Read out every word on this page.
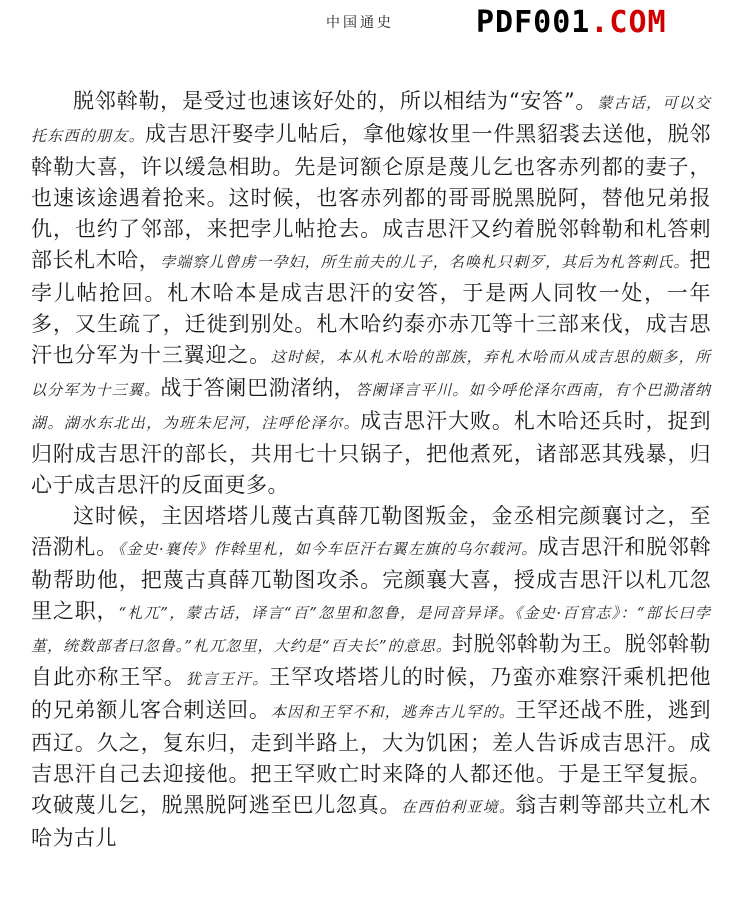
中国通史	PDF001.COM

脱邻斡勒，是受过也速该好处的，所以相结为“安答”。蒙古话，可以交托东西的朋友。成吉思汗娶孛儿帖后，拿他嫁妆里一件黑貂裘去送他，脱邻斡勒大喜，许以缓急相助。先是诃额仑原是蔑儿乞也客赤列都的妻子，也速该途遇着抢来。这时候，也客赤列都的哥哥脱黑脱阿，替他兄弟报仇，也约了邻部，来把孛儿帖抢去。成吉思汗又约着脱邻斡勒和札答剌部长札木哈，孛端察儿曾虏一孕妇，所生前夫的儿子，名唤札只剌歹，其后为札答剌氏。把孛儿帖抢回。札木哈本是成吉思汗的安答，于是两人同牧一处，一年多，又生疏了，迁徙到别处。札木哈约泰亦赤兀等十三部来伐，成吉思汗也分军为十三翼迎之。这时候，本从札木哈的部族，弃札木哈而从成吉思的颇多，所以分军为十三翼。战于答阑巴泐渚纳，答阑译言平川。如今呼伦泽尔西南，有个巴泐渚纳湖。湖水东北出，为班朱尼河，注呼伦泽尔。成吉思汗大败。札木哈还兵时，捉到归附成吉思汗的部长，共用七十只锅子，把他煮死，诸部恶其残暴，归心于成吉思汗的反面更多。

这时候，主因塔塔儿蔑古真薛兀勒图叛金，金丞相完颜襄讨之，至浯泐札。《金史·襄传》作斡里札，如今车臣汗右翼左旗的乌尔载河。成吉思汗和脱邻斡勒帮助他，把蔑古真薛兀勒图攻杀。完颜襄大喜，授成吉思汗以札兀忽里之职，“札兀”，蒙古话，译言“百”忽里和忽鲁，是同音异译。《金史·百官志》：“部长曰孛堇，统数部者曰忽鲁。”札兀忽里，大约是“百夫长”的意思。封脱邻斡勒为王。脱邻斡勒自此亦称王罕。犹言王汗。王罕攻塔塔儿的时候，乃蛮亦难察汗乘机把他的兄弟额儿客合剌送回。本因和王罕不和，逃奔古儿罕的。王罕还战不胜，逃到西辽。久之，复东归，走到半路上，大为饥困；差人告诉成吉思汗。成吉思汗自己去迎接他。把王罕败亡时来降的人都还他。于是王罕复振。攻破蔑儿乞，脱黑脱阿逃至巴儿忽真。在西伯利亚境。翁吉剌等部共立札木哈为古儿
